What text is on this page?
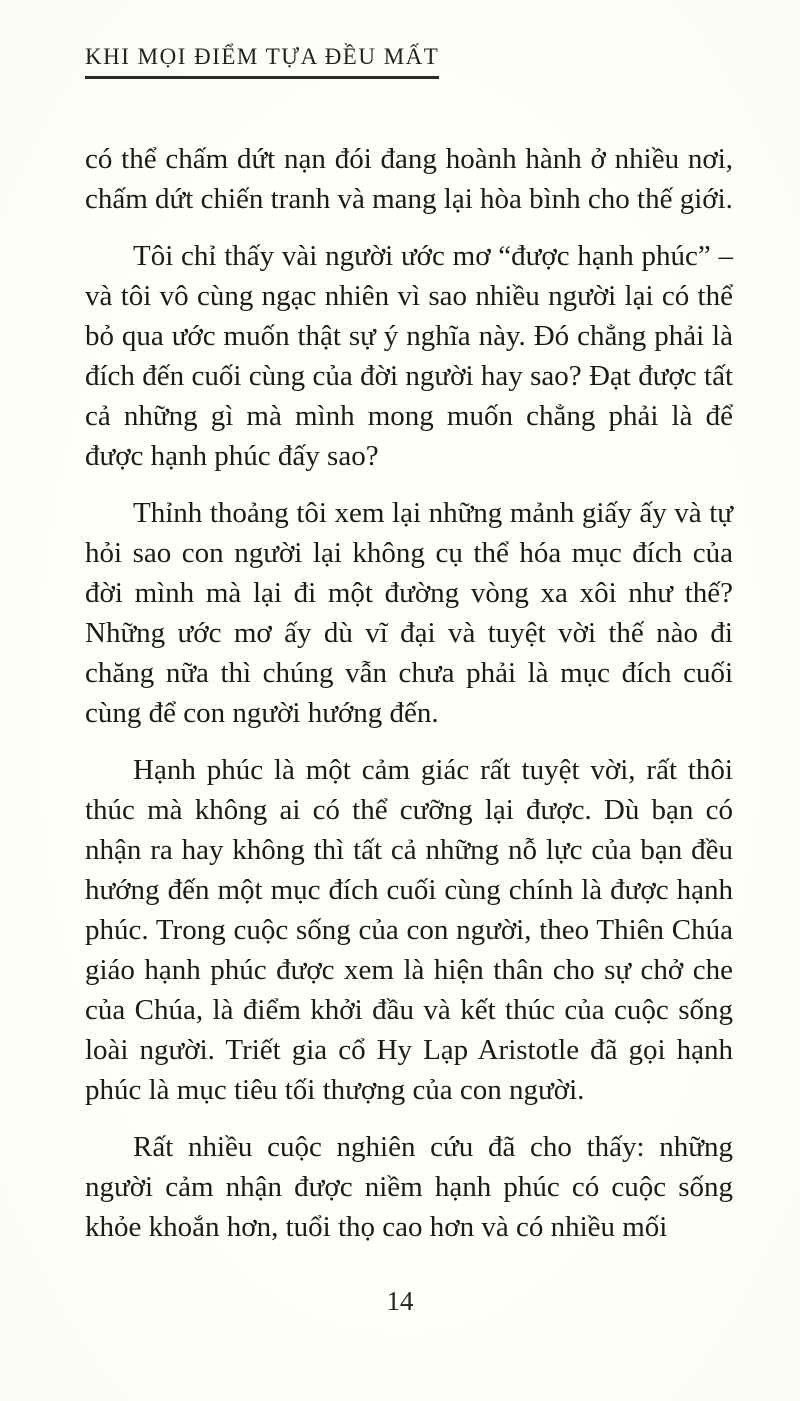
KHI MỌI ĐIỂM TỰA ĐỀU MẤT

có thể chấm dứt nạn đói đang hoành hành ở nhiều nơi, chấm dứt chiến tranh và mang lại hòa bình cho thế giới.

Tôi chỉ thấy vài người ước mơ “được hạnh phúc” – và tôi vô cùng ngạc nhiên vì sao nhiều người lại có thể bỏ qua ước muốn thật sự ý nghĩa này. Đó chẳng phải là đích đến cuối cùng của đời người hay sao? Đạt được tất cả những gì mà mình mong muốn chẳng phải là để được hạnh phúc đấy sao?

Thỉnh thoảng tôi xem lại những mảnh giấy ấy và tự hỏi sao con người lại không cụ thể hóa mục đích của đời mình mà lại đi một đường vòng xa xôi như thế? Những ước mơ ấy dù vĩ đại và tuyệt vời thế nào đi chăng nữa thì chúng vẫn chưa phải là mục đích cuối cùng để con người hướng đến.

Hạnh phúc là một cảm giác rất tuyệt vời, rất thôi thúc mà không ai có thể cưỡng lại được. Dù bạn có nhận ra hay không thì tất cả những nỗ lực của bạn đều hướng đến một mục đích cuối cùng chính là được hạnh phúc. Trong cuộc sống của con người, theo Thiên Chúa giáo hạnh phúc được xem là hiện thân cho sự chở che của Chúa, là điểm khởi đầu và kết thúc của cuộc sống loài người. Triết gia cổ Hy Lạp Aristotle đã gọi hạnh phúc là mục tiêu tối thượng của con người.

Rất nhiều cuộc nghiên cứu đã cho thấy: những người cảm nhận được niềm hạnh phúc có cuộc sống khỏe khoắn hơn, tuổi thọ cao hơn và có nhiều mối

14
